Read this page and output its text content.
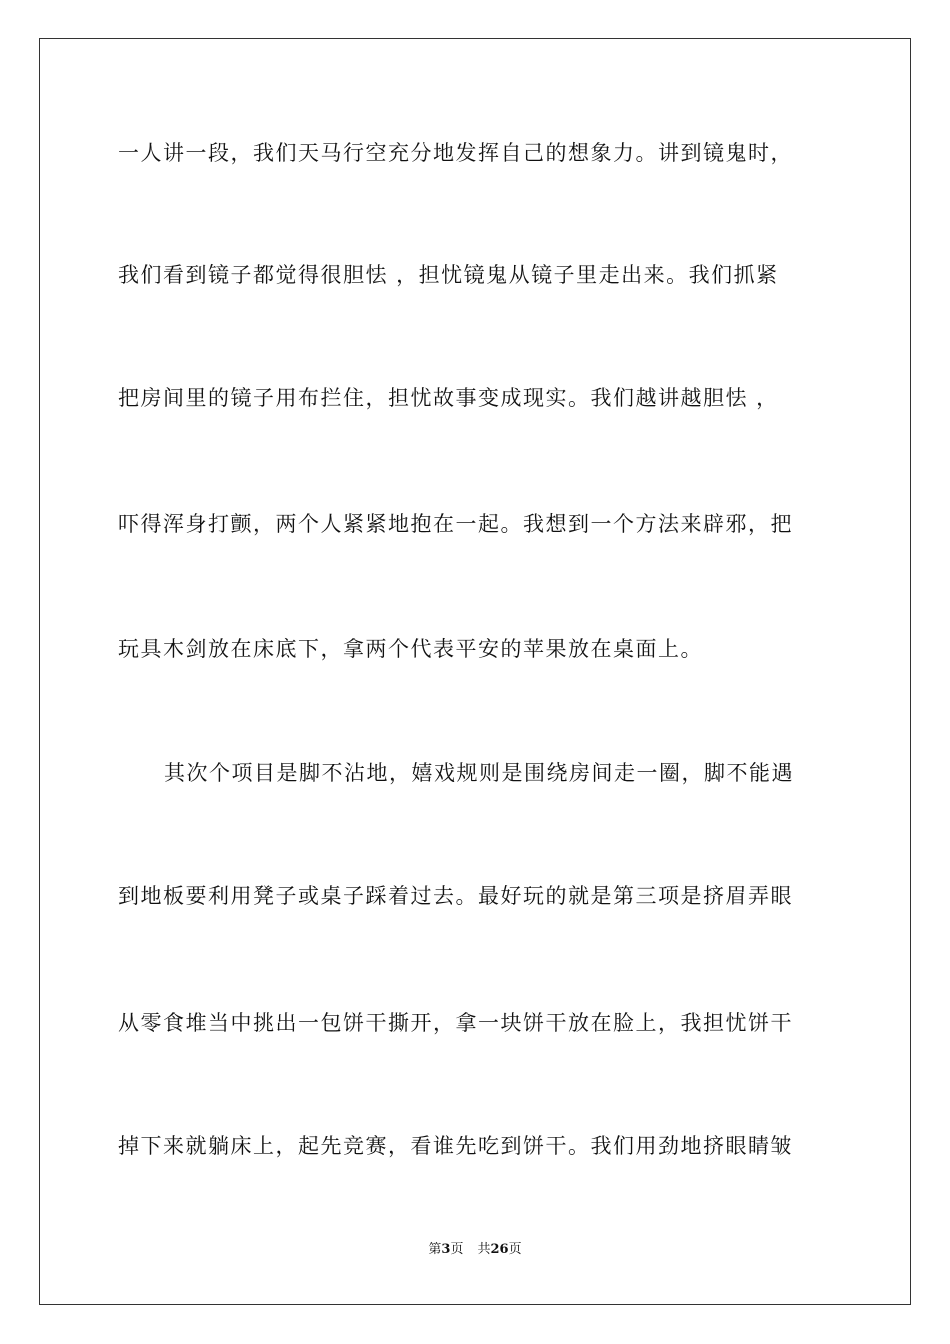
一人讲一段，我们天马行空充分地发挥自己的想象力。讲到镜鬼时，
我们看到镜子都觉得很胆怯 ，担忧镜鬼从镜子里走出来。我们抓紧
把房间里的镜子用布拦住，担忧故事变成现实。我们越讲越胆怯 ，
吓得浑身打颤，两个人紧紧地抱在一起。我想到一个方法来辟邪，把
玩具木剑放在床底下，拿两个代表平安的苹果放在桌面上。
其次个项目是脚不沾地，嬉戏规则是围绕房间走一圈，脚不能遇
到地板要利用凳子或桌子踩着过去。最好玩的就是第三项是挤眉弄眼
从零食堆当中挑出一包饼干撕开，拿一块饼干放在脸上，我担忧饼干
掉下来就躺床上，起先竞赛，看谁先吃到饼干。我们用劲地挤眼睛皱
第3页 共26页
